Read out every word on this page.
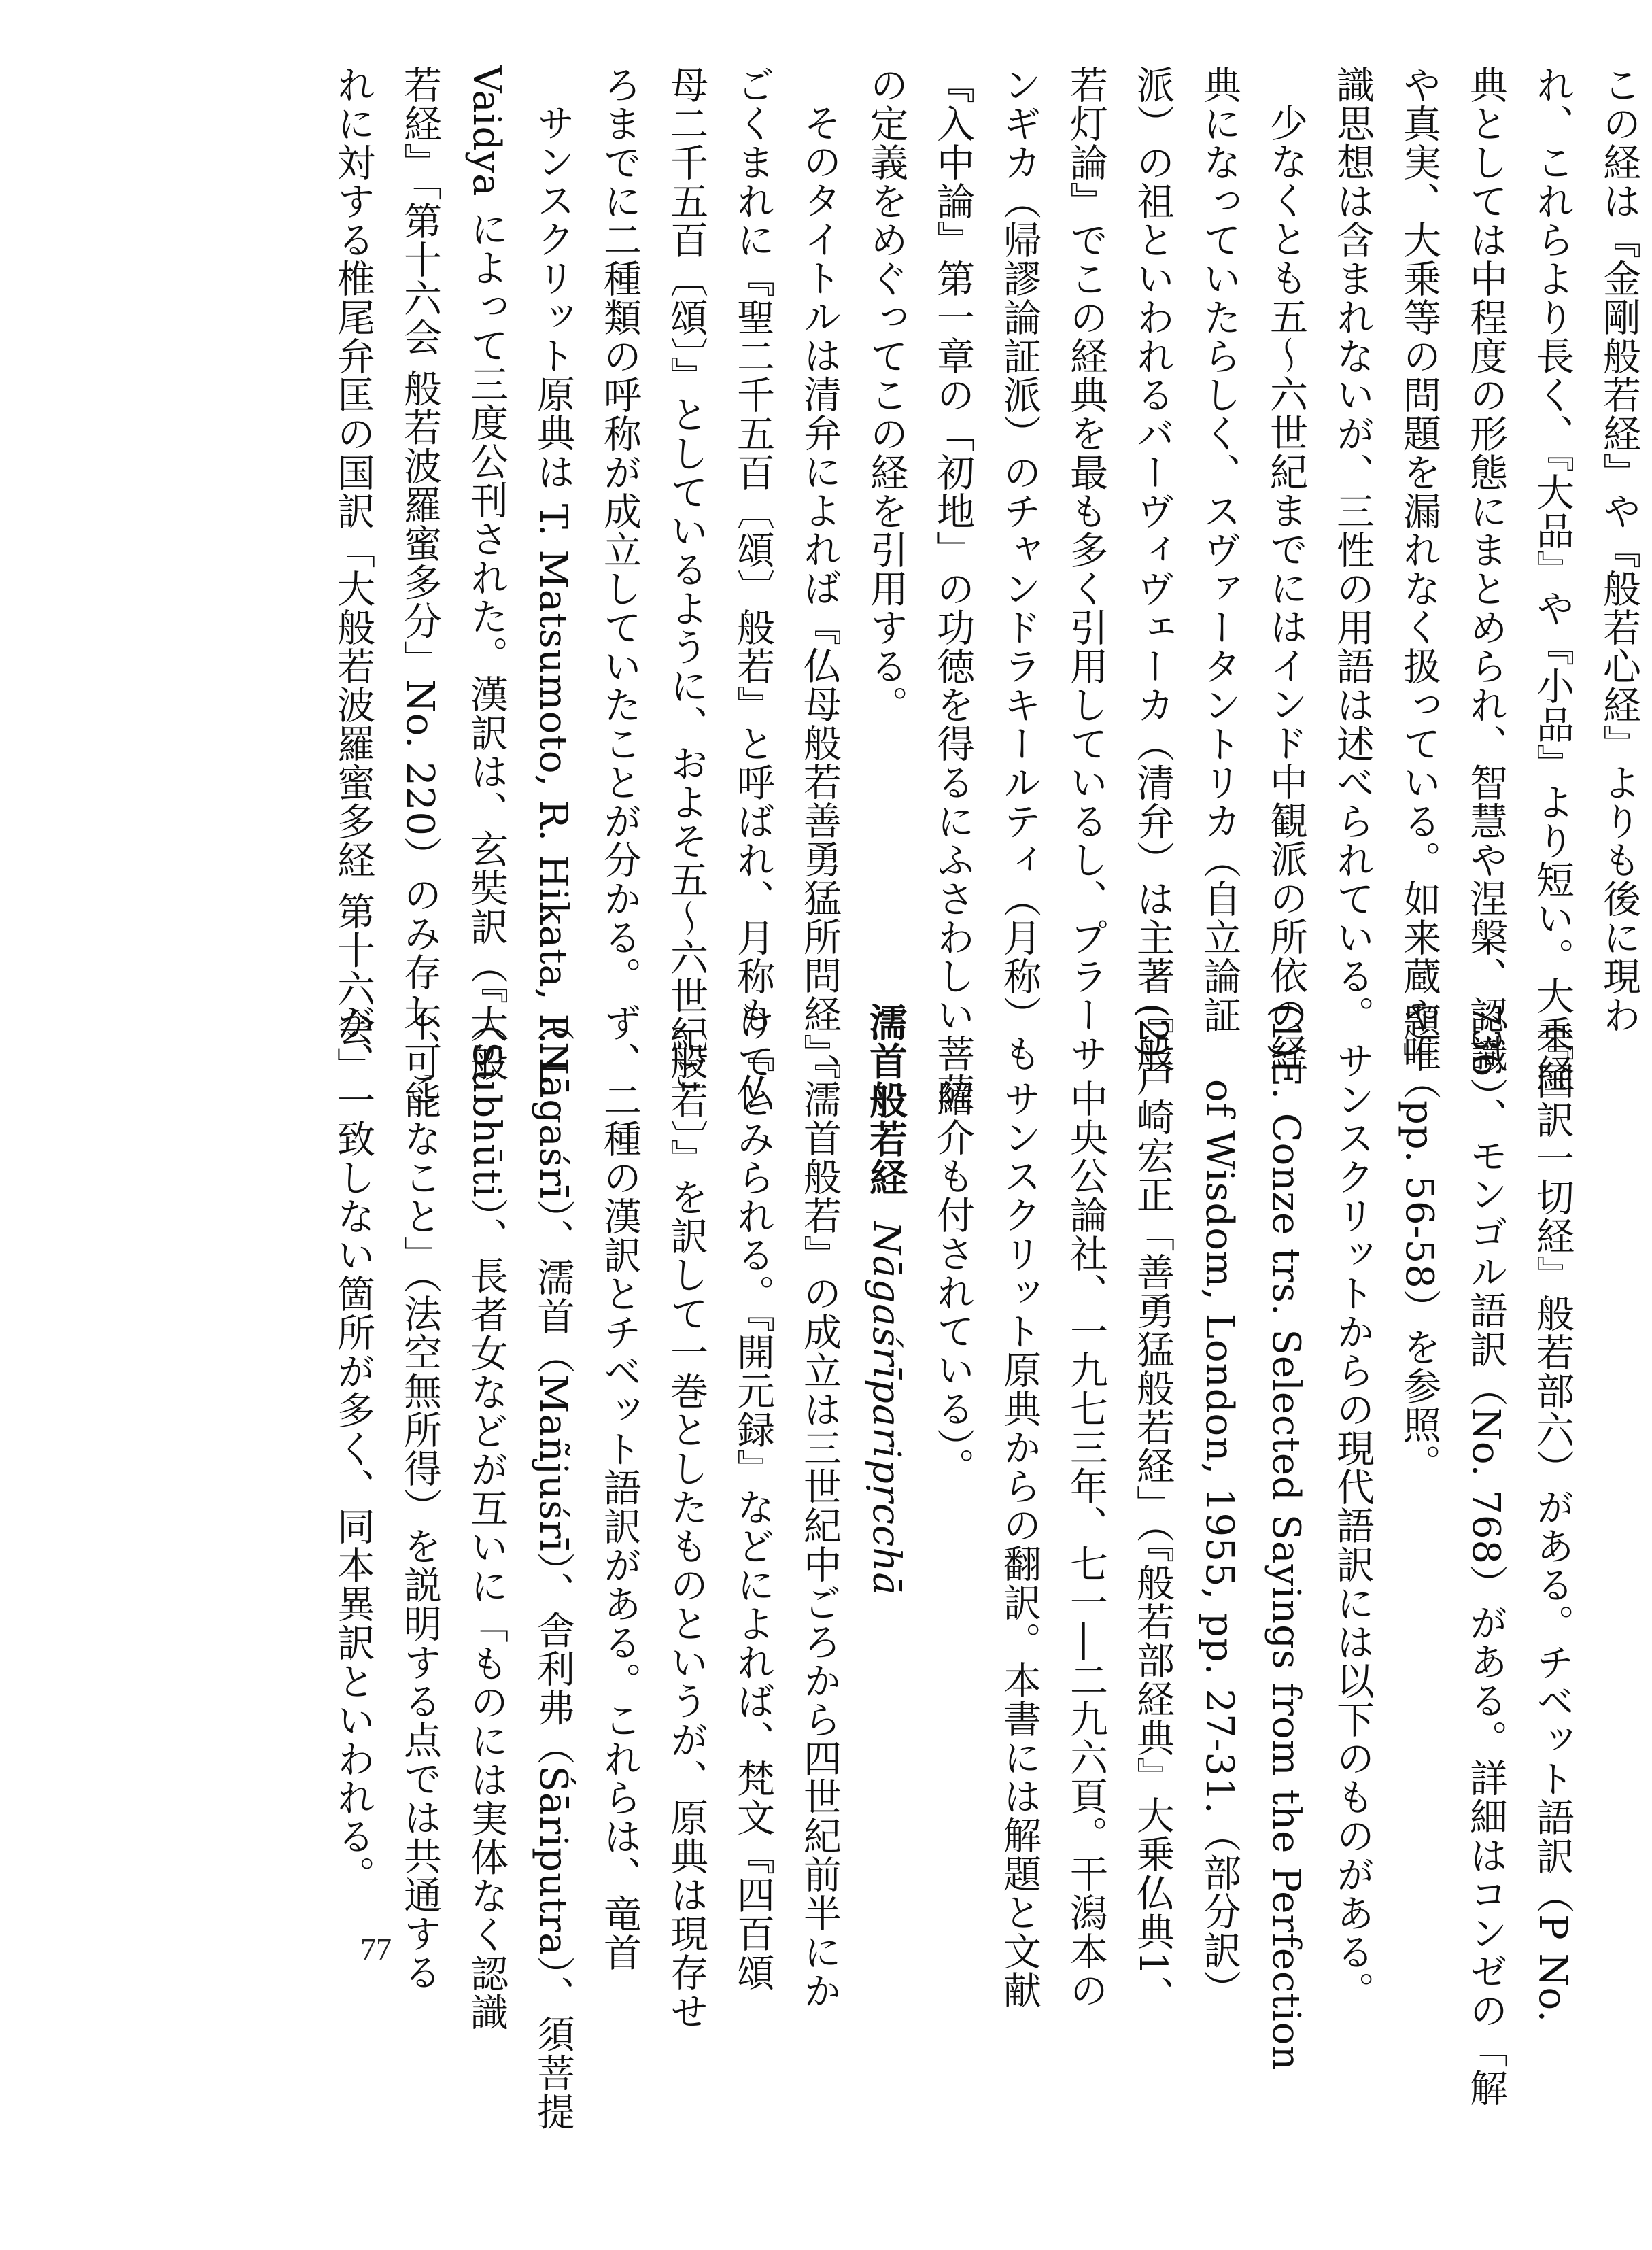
この経は『金剛般若経』や『般若心経』よりも後に現わ
れ、これらより長く、『大品』や『小品』より短い。大乗経
典としては中程度の形態にまとめられ、智慧や涅槃、認識
や真実、大乗等の問題を漏れなく扱っている。如来蔵や唯
識思想は含まれないが、三性の用語は述べられている。

少なくとも五〜六世紀までにはインド中観派の所依の経
典になっていたらしく、スヴァータントリカ（自立論証
派）の祖といわれるバーヴィヴェーカ（清弁）は主著『般
若灯論』でこの経典を最も多く引用しているし、プラーサ
ンギカ（帰謬論証派）のチャンドラキールティ（月称）も
『入中論』第一章の「初地」の功徳を得るにふさわしい菩薩
の定義をめぐってこの経を引用する。

そのタイトルは清弁によれば『仏母般若善勇猛所問経』、
ごくまれに『聖二千五百〔頌〕般若』と呼ばれ、月称も『仏
母二千五百〔頌〕』としているように、およそ五〜六世紀ご
ろまでに二種類の呼称が成立していたことが分かる。

サンスクリット原典は T. Matsumoto, R. Hikata, P. L.
Vaidya によって三度公刊された。漢訳は、玄奘訳（『大般
若経』「第十六会 般若波羅蜜多分」No. 220）のみ存し、こ
れに対する椎尾弁匡の国訳「大般若波羅蜜多経 第十六会」

（『国訳一切経』般若部六）がある。チベット語訳（P No.
736）、モンゴル語訳（No. 768）がある。詳細はコンゼの「解
題」（pp. 56-58）を参照。

サンスクリットからの現代語訳には以下のものがある。

(1)E. Conze trs. Selected Sayings from the Perfection
of Wisdom, London, 1955, pp. 27-31.（部分訳）

(2)戸崎宏正「善勇猛般若経」（『般若部経典』大乗仏典1、
中央公論社、一九七三年、七一―二九六頁。干潟本の
サンスクリット原典からの翻訳。本書には解題と文献
紹介も付されている）。

濡首般若経Nāgaśrīparipṛcchā

『濡首般若』の成立は三世紀中ごろから四世紀前半にか
けてとみられる。『開元録』などによれば、梵文『四百頌
〔般若〕』を訳して一巻としたものというが、原典は現存せ
ず、二種の漢訳とチベット語訳がある。これらは、竜首
（Nāgaśrī）、濡首（Mañjuśrī）、舎利弗（Śāriputra）、須菩提
（Subhūti）、長者女などが互いに「ものには実体なく認識
不可能なこと」（法空無所得）を説明する点では共通する
が、一致しない箇所が多く、同本異訳といわれる。

77
